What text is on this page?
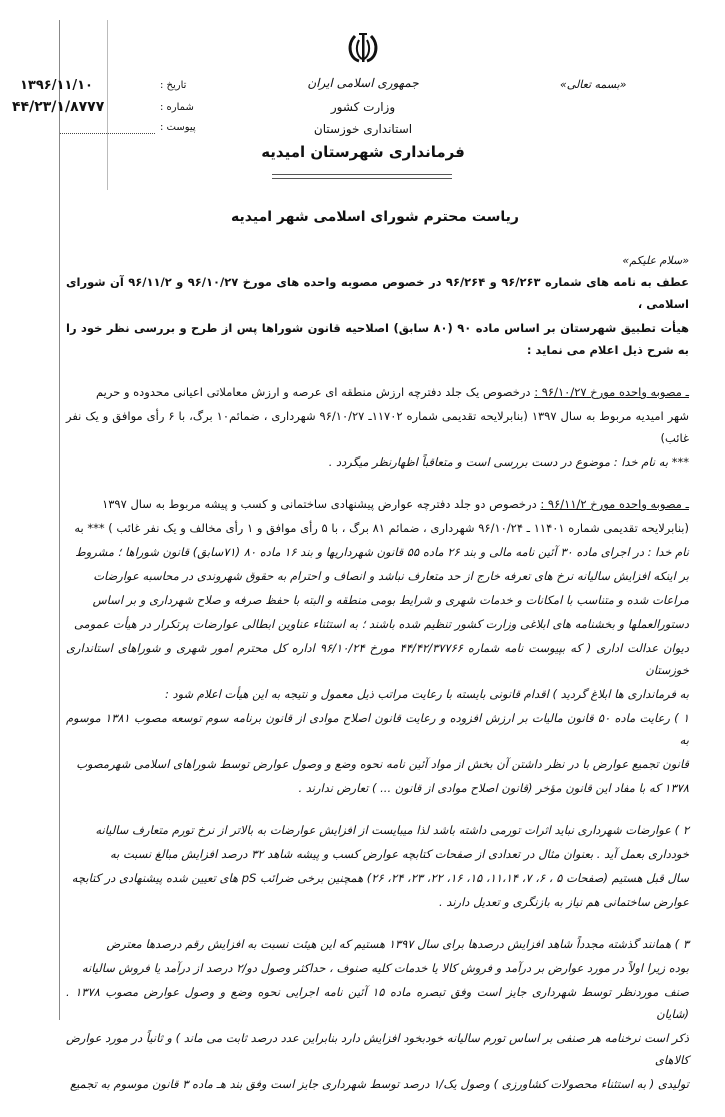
«بسمه تعالی»
جمهوری اسلامی ایران
وزارت کشور
استانداری خوزستان
فرمانداری شهرستان امیدیه
تاریخ :
۱۳۹۶/۱۱/۱۰
شماره :
۴۴/۲۳/۱/۸۷۷۷
پیوست :
ریاست محترم شورای اسلامی شهر امیدیه
«سلام علیکم»
عطف به نامه های شماره ۹۶/۲۶۳ و ۹۶/۲۶۴ در خصوص مصوبه واحده های مورخ ۹۶/۱۰/۲۷ و ۹۶/۱۱/۲ آن شورای اسلامی ،
هیأت تطبیق شهرستان بر اساس ماده ۹۰ (۸۰ سابق) اصلاحیه قانون شوراها پس از طرح و بررسی نظر خود را به شرح ذیل اعلام می نماید :
ـ مصوبه واحده مورخ ۹۶/۱۰/۲۷ : درخصوص یک جلد دفترچه ارزش منطقه ای عرصه و ارزش معاملاتی اعیانی محدوده و حریم
شهر امیدیه مربوط به سال ۱۳۹۷ (بنابرلایحه تقدیمی شماره ۱۱۷۰۲ـ ۹۶/۱۰/۲۷ شهرداری ، ضمائم۱۰ برگ، با ۶ رأی موافق و یک نفر غائب)
*** به نام خدا : موضوع در دست بررسی است و متعاقباً اظهارنظر میگردد .
ـ مصوبه واحده مورخ ۹۶/۱۱/۲ : درخصوص دو جلد دفترچه عوارض پیشنهادی ساختمانی و کسب و پیشه مربوط به سال ۱۳۹۷
(بنابرلایحه تقدیمی شماره ۱۱۴۰۱ ـ ۹۶/۱۰/۲۴ شهرداری ، ضمائم ۸۱ برگ ، با ۵ رأی موافق و ۱ رأی مخالف و یک نفر غائب ) *** به
نام خدا : در اجرای ماده ۳۰ آئین نامه مالی و بند ۲۶ ماده ۵۵ قانون شهرداریها و بند ۱۶ ماده ۸۰ (۷۱سابق) قانون شوراها ؛ مشروط
بر اینکه افزایش سالیانه نرخ های تعرفه خارج از حد متعارف نباشد و انصاف و احترام به حقوق شهروندی در محاسبه عوارضات
مراعات شده و متناسب با امکانات و خدمات شهری و شرایط بومی منطقه و البته با حفظ صرفه و صلاح شهرداری و بر اساس
دستورالعملها و بخشنامه های ابلاغی وزارت کشور تنظیم شده باشند ؛ به استثناء عناوین ابطالی عوارضات پرتکرار در هیأت عمومی
دیوان عدالت اداری ( که بپیوست نامه شماره ۴۴/۴۲/۳۷۷۶۶ مورخ ۹۶/۱۰/۲۴ اداره کل محترم امور شهری و شوراهای استانداری خوزستان
به فرمانداری ها ابلاغ گردید ) اقدام قانونی بایسته با رعایت مراتب ذیل معمول و نتیجه به این هیأت اعلام شود :
۱ ) رعایت ماده ۵۰ قانون مالیات بر ارزش افزوده و رعایت قانون اصلاح موادی از قانون برنامه سوم توسعه مصوب ۱۳۸۱ موسوم به
قانون تجمیع عوارض با در نظر داشتن آن بخش از مواد آئین نامه نحوه وضع و وصول عوارض توسط شوراهای اسلامی شهرمصوب
۱۳۷۸ که با مفاد این قانون مؤخر (قانون اصلاح موادی از قانون ... ) تعارض ندارند .
۲ ) عوارضات شهرداری نباید اثرات تورمی داشته باشد لذا میبایست از افزایش عوارضات به بالاتر از نرخ تورم متعارف سالیانه
خودداری بعمل آید . بعنوان مثال در تعدادی از صفحات کتابچه عوارض کسب و پیشه شاهد ۳۲ درصد افزایش مبالغ نسبت به
سال قبل هستیم (صفحات ۵ ، ۶، ۷، ۱۱،۱۴، ۱۵، ۱۶، ۲۲، ۲۳، ۲۴، ۲۶) همچنین برخی ضرائب pS های تعیین شده پیشنهادی در کتابچه
عوارض ساختمانی هم نیاز به بازنگری و تعدیل دارند .
۳ ) همانند گذشته مجدداً شاهد افزایش درصدها برای سال ۱۳۹۷ هستیم که این هیئت نسبت به افزایش رقم درصدها معترض
بوده زیرا اولاً در مورد عوارض بر درآمد و فروش کالا یا خدمات کلیه صنوف ، حداکثر وصول دو/۲ درصد از درآمد یا فروش سالیانه
صنف موردنظر توسط شهرداری جایز است وفق تبصره ماده ۱۵ آئین نامه اجرایی نحوه وضع و وصول عوارض مصوب ۱۳۷۸ . (شایان
ذکر است نرخنامه هر صنفی بر اساس تورم سالیانه خودبخود افزایش دارد بنابراین عدد درصد ثابت می ماند ) و ثانیاً در مورد عوارض کالاهای
تولیدی ( به استثناء محصولات کشاورزی ) وصول یک/۱ درصد توسط شهرداری جایز است وفق بند هـ ماده ۳ قانون موسوم به تجمیع
